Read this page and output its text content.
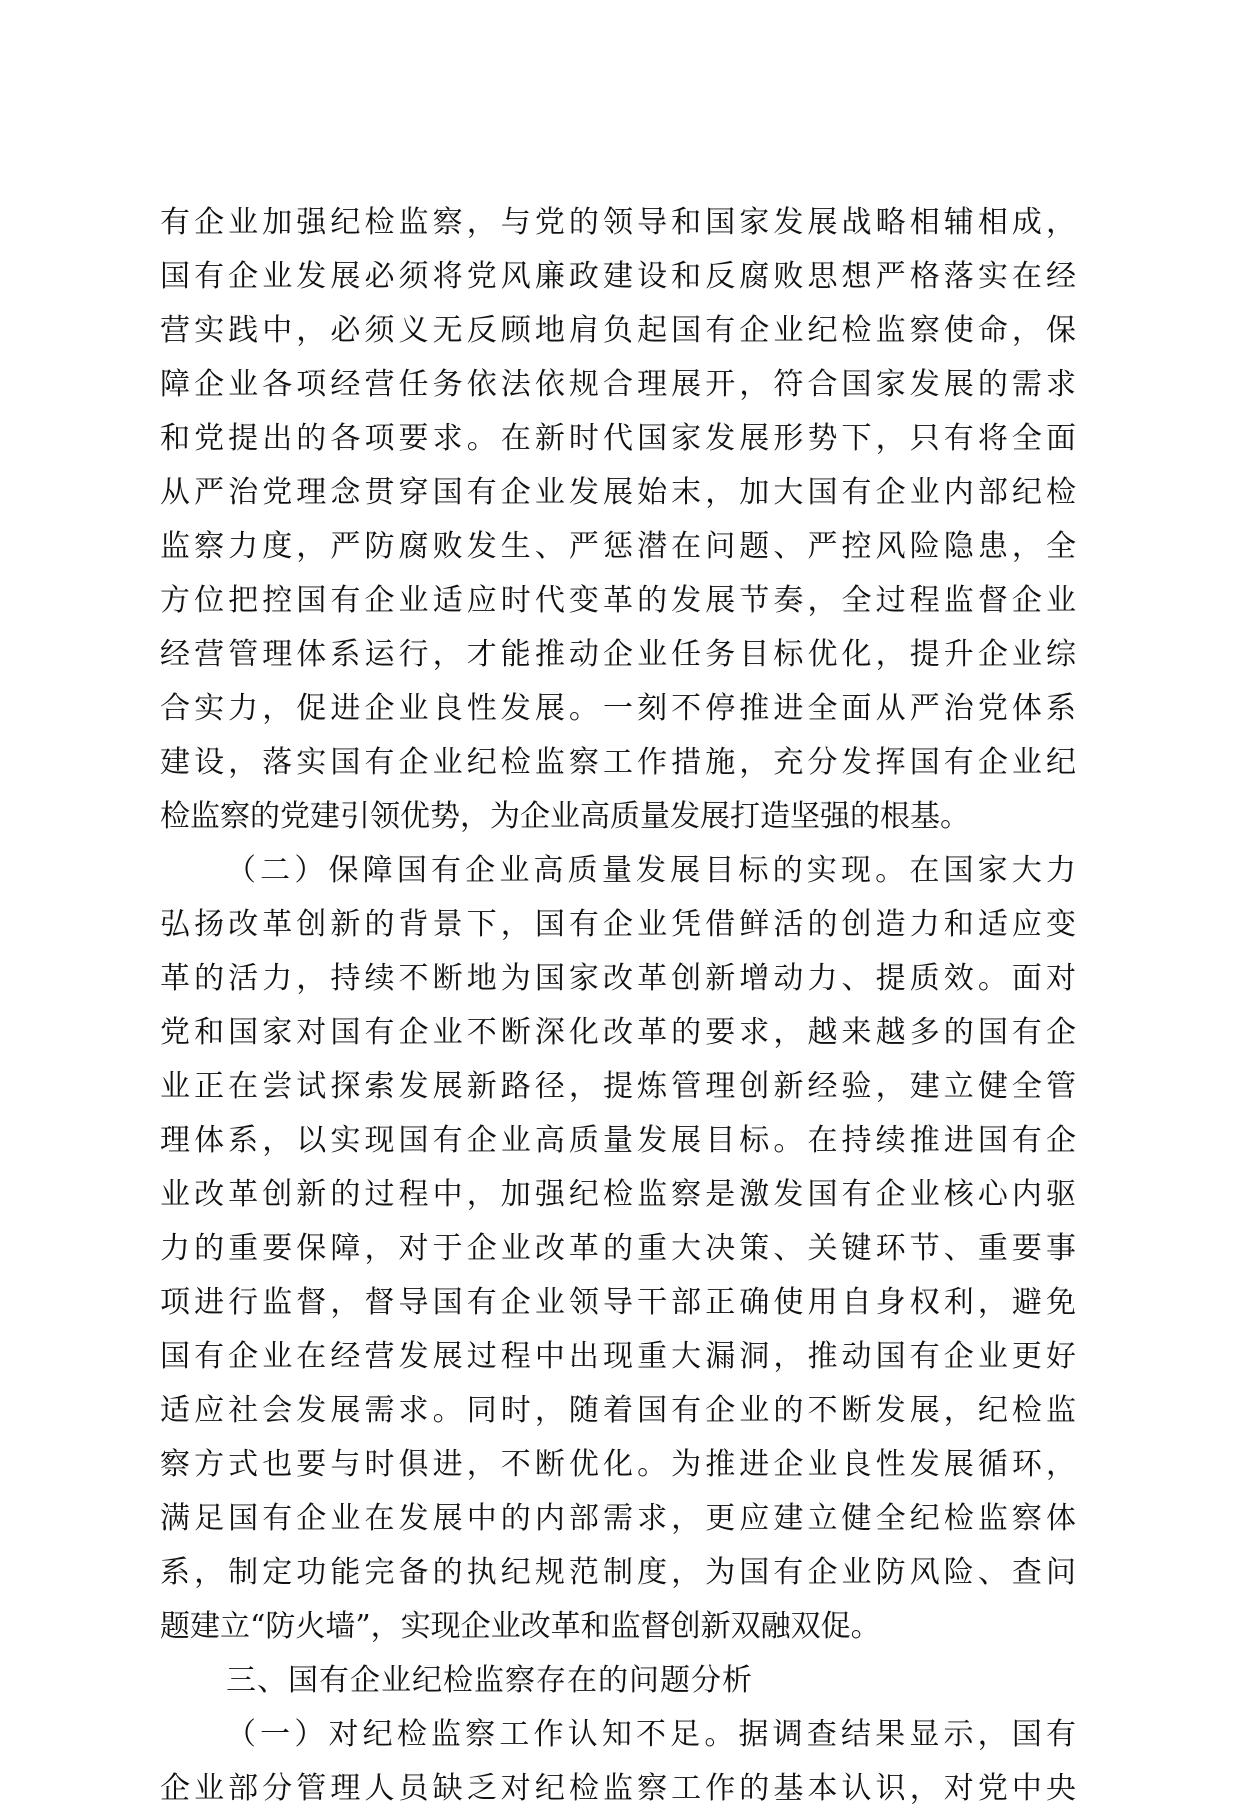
有企业加强纪检监察，与党的领导和国家发展战略相辅相成，
国有企业发展必须将党风廉政建设和反腐败思想严格落实在经
营实践中，必须义无反顾地肩负起国有企业纪检监察使命，保
障企业各项经营任务依法依规合理展开，符合国家发展的需求
和党提出的各项要求。在新时代国家发展形势下，只有将全面
从严治党理念贯穿国有企业发展始末，加大国有企业内部纪检
监察力度，严防腐败发生、严惩潜在问题、严控风险隐患，全
方位把控国有企业适应时代变革的发展节奏，全过程监督企业
经营管理体系运行，才能推动企业任务目标优化，提升企业综
合实力，促进企业良性发展。一刻不停推进全面从严治党体系
建设，落实国有企业纪检监察工作措施，充分发挥国有企业纪
检监察的党建引领优势，为企业高质量发展打造坚强的根基。
（二）保障国有企业高质量发展目标的实现。在国家大力
弘扬改革创新的背景下，国有企业凭借鲜活的创造力和适应变
革的活力，持续不断地为国家改革创新增动力、提质效。面对
党和国家对国有企业不断深化改革的要求，越来越多的国有企
业正在尝试探索发展新路径，提炼管理创新经验，建立健全管
理体系，以实现国有企业高质量发展目标。在持续推进国有企
业改革创新的过程中，加强纪检监察是激发国有企业核心内驱
力的重要保障，对于企业改革的重大决策、关键环节、重要事
项进行监督，督导国有企业领导干部正确使用自身权利，避免
国有企业在经营发展过程中出现重大漏洞，推动国有企业更好
适应社会发展需求。同时，随着国有企业的不断发展，纪检监
察方式也要与时俱进，不断优化。为推进企业良性发展循环，
满足国有企业在发展中的内部需求，更应建立健全纪检监察体
系，制定功能完备的执纪规范制度，为国有企业防风险、查问
题建立“防火墙”，实现企业改革和监督创新双融双促。
三、国有企业纪检监察存在的问题分析
（一）对纪检监察工作认知不足。据调查结果显示，国有
企业部分管理人员缺乏对纪检监察工作的基本认识，对党中央
